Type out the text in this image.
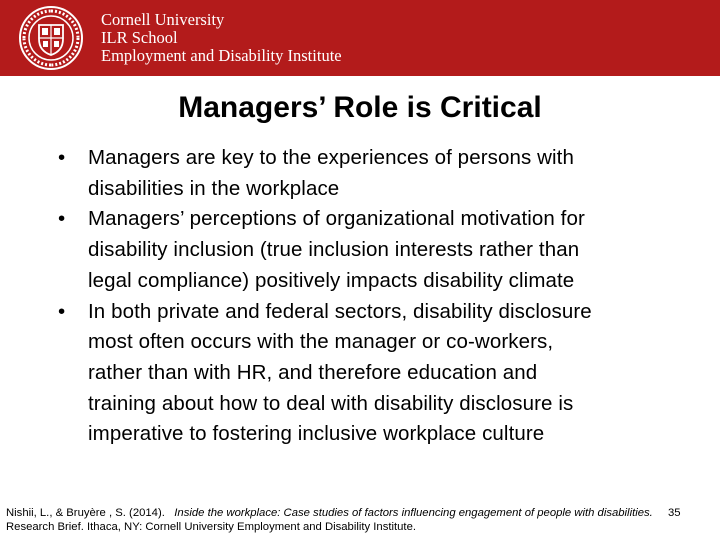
Cornell University
ILR School
Employment and Disability Institute
Managers’ Role is Critical
• Managers are key to the experiences of persons with
disabilities in the workplace
• Managers’ perceptions of organizational motivation for
disability inclusion (true inclusion interests rather than
legal compliance) positively impacts disability climate
• In both private and federal sectors, disability disclosure
most often occurs with the manager or co-workers,
rather than with HR, and therefore education and
training about how to deal with disability disclosure is
imperative to fostering inclusive workplace culture
Nishii, L., & Bruyère , S. (2014). Inside the workplace: Case studies of factors influencing engagement of people with disabilities.
Research Brief. Ithaca, NY: Cornell University Employment and Disability Institute.
35
